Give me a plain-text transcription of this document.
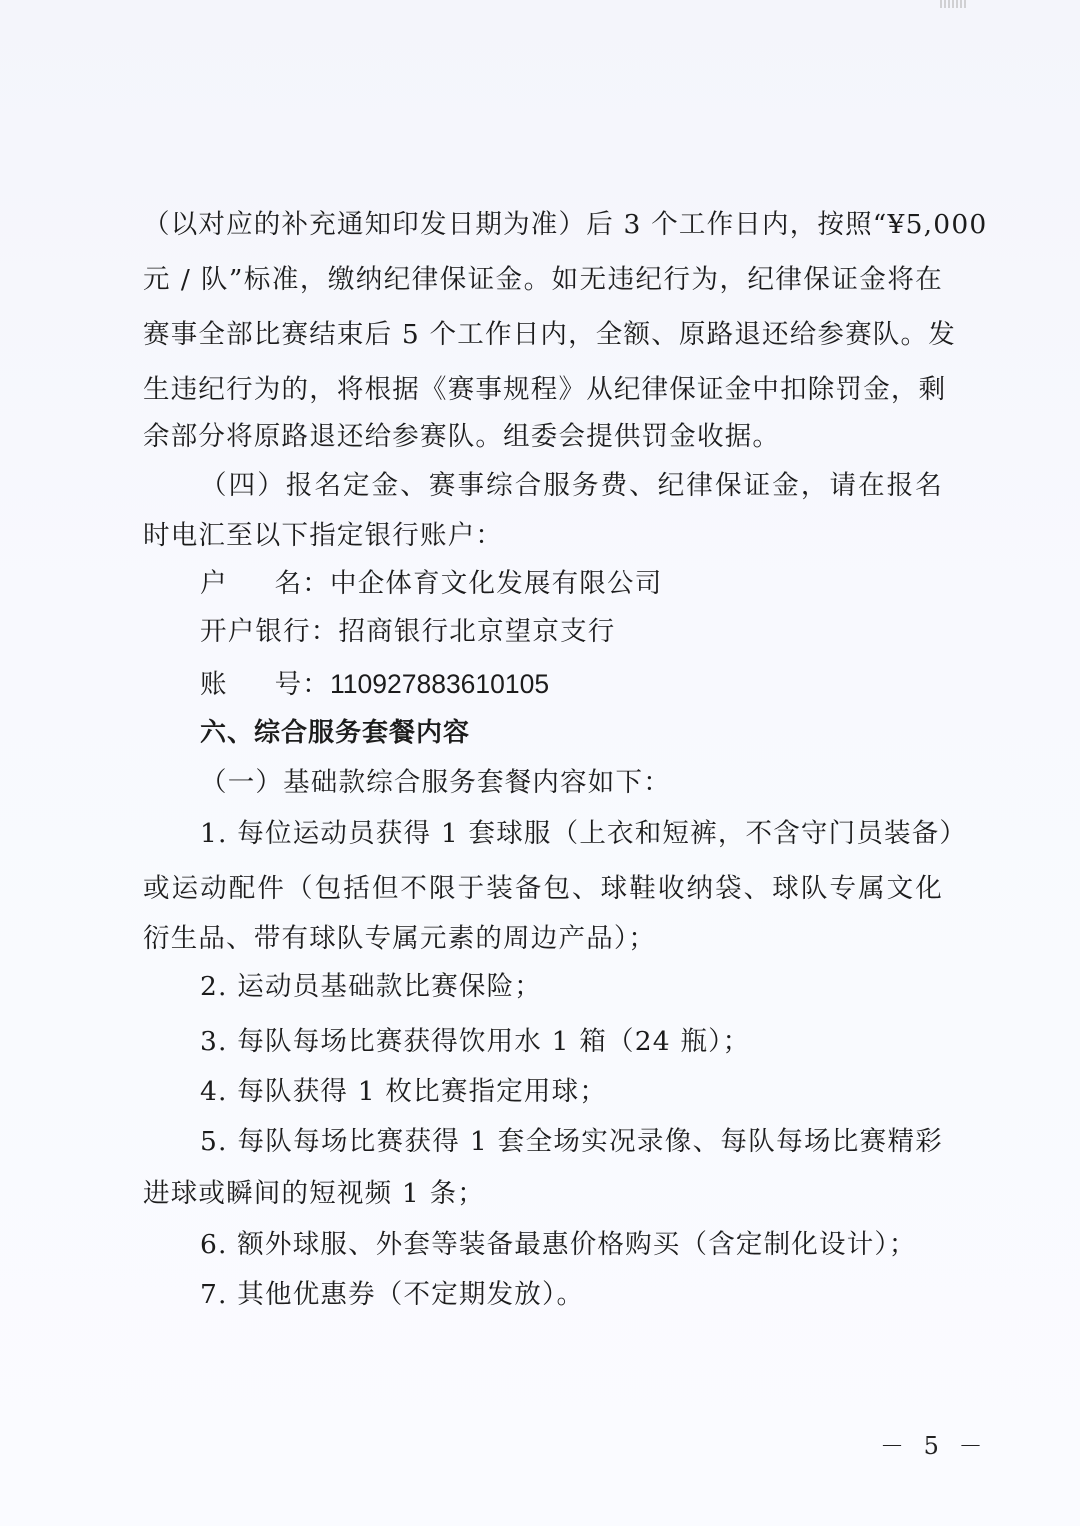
（以对应的补充通知印发日期为准）后 3 个工作日内，按照“¥5,000
元 / 队”标准，缴纳纪律保证金。如无违纪行为，纪律保证金将在
赛事全部比赛结束后 5 个工作日内，全额、原路退还给参赛队。发
生违纪行为的，将根据《赛事规程》从纪律保证金中扣除罚金，剩
余部分将原路退还给参赛队。组委会提供罚金收据。
（四）报名定金、赛事综合服务费、纪律保证金，请在报名
时电汇至以下指定银行账户：
户 名： 中企体育文化发展有限公司
开户银行：招商银行北京望京支行
账 号： 110927883610105
六、综合服务套餐内容
（一）基础款综合服务套餐内容如下：
1. 每位运动员获得 1 套球服（上衣和短裤，不含守门员装备）
或运动配件（包括但不限于装备包、球鞋收纳袋、球队专属文化
衍生品、带有球队专属元素的周边产品）；
2. 运动员基础款比赛保险；
3. 每队每场比赛获得饮用水 1 箱（24 瓶）；
4. 每队获得 1 枚比赛指定用球；
5. 每队每场比赛获得 1 套全场实况录像、每队每场比赛精彩
进球或瞬间的短视频 1 条；
6. 额外球服、外套等装备最惠价格购买（含定制化设计）；
7. 其他优惠券（不定期发放）。
－ 5 －
